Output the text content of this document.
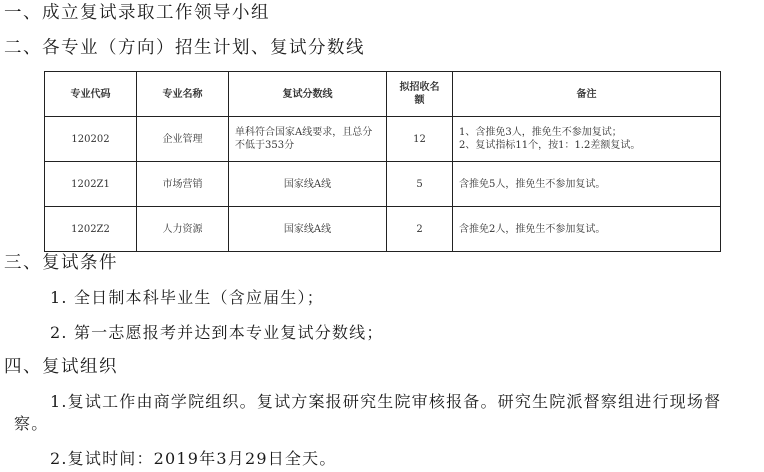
一、成立复试录取工作领导小组
二、各专业（方向）招生计划、复试分数线
专业代码	专业名称	复试分数线	拟招收名额	备注
120202	企业管理	单科符合国家A线要求，且总分不低于353分	12	1、含推免3人，推免生不参加复试；
2、复试指标11个，按1：1.2差额复试。

1202Z1	市场营销	国家线A线	5	含推免5人，推免生不参加复试。

1202Z2	人力资源	国家线A线	2	含推免2人，推免生不参加复试。
三、复试条件
1. 全日制本科毕业生（含应届生）；
2. 第一志愿报考并达到本专业复试分数线；
四、复试组织
1.复试工作由商学院组织。复试方案报研究生院审核报备。研究生院派督察组进行现场督察。
2.复试时间：2019年3月29日全天。
